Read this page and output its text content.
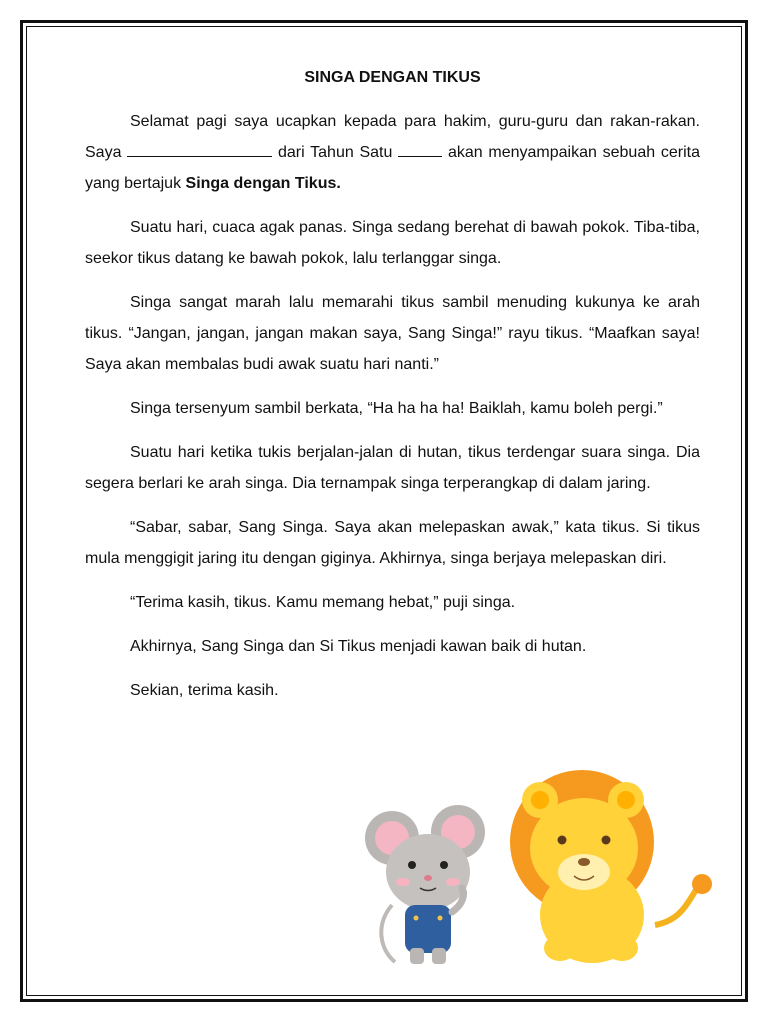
SINGA DENGAN TIKUS

Selamat pagi saya ucapkan kepada para hakim, guru-guru dan rakan-rakan. Saya	dari Tahun Satu	akan menyampaikan sebuah cerita yang bertajuk Singa dengan Tikus.

Suatu hari, cuaca agak panas. Singa sedang berehat di bawah pokok. Tiba-tiba, seekor tikus datang ke bawah pokok, lalu terlanggar singa.

Singa sangat marah lalu memarahi tikus sambil menuding kukunya ke arah tikus. “Jangan, jangan, jangan makan saya, Sang Singa!” rayu tikus. “Maafkan saya! Saya akan membalas budi awak suatu hari nanti.”

Singa tersenyum sambil berkata, “Ha ha ha ha! Baiklah, kamu boleh pergi.”

Suatu hari ketika tukis berjalan-jalan di hutan, tikus terdengar suara singa. Dia segera berlari ke arah singa. Dia ternampak singa terperangkap di dalam jaring.

“Sabar, sabar, Sang Singa. Saya akan melepaskan awak,” kata tikus. Si tikus mula menggigit jaring itu dengan giginya. Akhirnya, singa berjaya melepaskan diri.

“Terima kasih, tikus. Kamu memang hebat,” puji singa.

Akhirnya, Sang Singa dan Si Tikus menjadi kawan baik di hutan.

Sekian, terima kasih.
